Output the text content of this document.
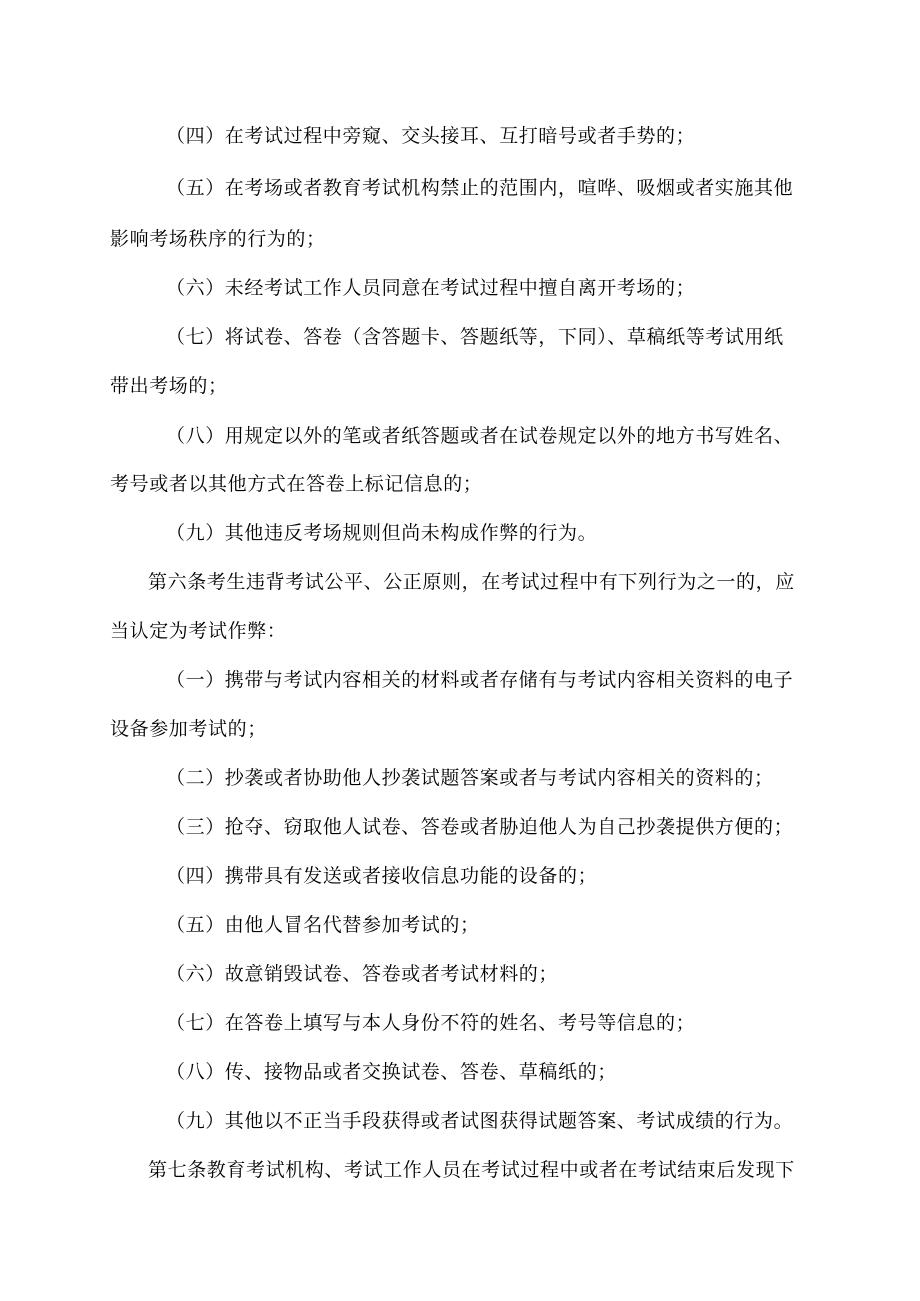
（四）在考试过程中旁窥、交头接耳、互打暗号或者手势的；
（五）在考场或者教育考试机构禁止的范围内，喧哗、吸烟或者实施其他
影响考场秩序的行为的；
（六）未经考试工作人员同意在考试过程中擅自离开考场的；
（七）将试卷、答卷（含答题卡、答题纸等，下同）、草稿纸等考试用纸
带出考场的；
（八）用规定以外的笔或者纸答题或者在试卷规定以外的地方书写姓名、
考号或者以其他方式在答卷上标记信息的；
（九）其他违反考场规则但尚未构成作弊的行为。
第六条考生违背考试公平、公正原则，在考试过程中有下列行为之一的，应
当认定为考试作弊：
（一）携带与考试内容相关的材料或者存储有与考试内容相关资料的电子
设备参加考试的；
（二）抄袭或者协助他人抄袭试题答案或者与考试内容相关的资料的；
（三）抢夺、窃取他人试卷、答卷或者胁迫他人为自己抄袭提供方便的；
（四）携带具有发送或者接收信息功能的设备的；
（五）由他人冒名代替参加考试的；
（六）故意销毁试卷、答卷或者考试材料的；
（七）在答卷上填写与本人身份不符的姓名、考号等信息的；
（八）传、接物品或者交换试卷、答卷、草稿纸的；
（九）其他以不正当手段获得或者试图获得试题答案、考试成绩的行为。
第七条教育考试机构、考试工作人员在考试过程中或者在考试结束后发现下
